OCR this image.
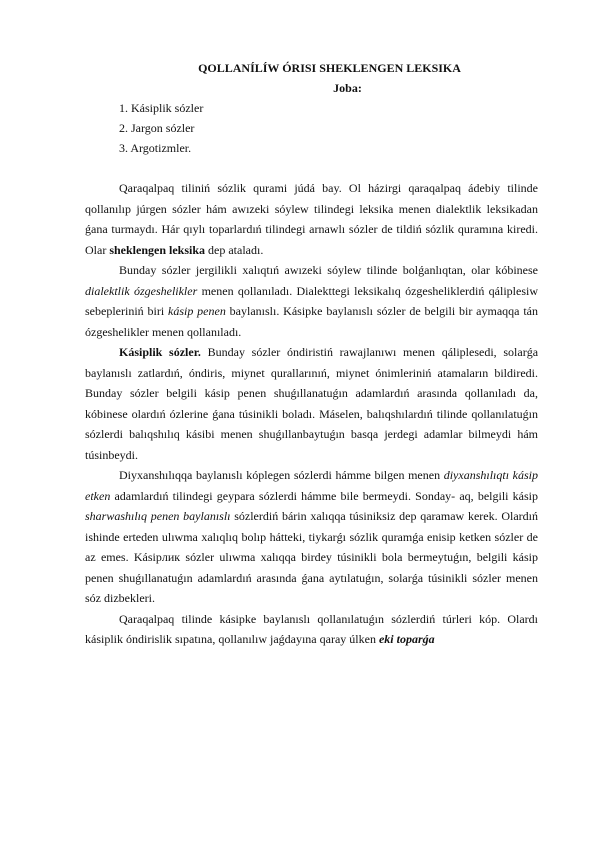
QOLLANÍLÍW ÓRISI SHEKLENGEN LEKSIKA
Joba:
1. Kásiplik sózler
2. Jargon sózler
3. Argotizmler.

Qaraqalpaq tiliniń sózlik qurami júdá bay. Ol házirgi qaraqalpaq ádebiy tilinde qollanılıp júrgen sózler hám awızeki sóylew tilindegi leksika menen dialektlik leksikadan ǵana turmaydı. Hár qıylı toparlardıń tilindegi arnawlı sózler de tildiń sózlik quramına kiredi. Olar sheklengen leksika dep ataladı.

Bunday sózler jergilikli xalıqtıń awızeki sóylew tilinde bolǵanlıqtan, olar kóbinese dialektlik ózgeshelikler menen qollanıladı. Dialekttegi leksikalıq ózgesheliklerdiń qáliplesiw sebepleriniń biri kásip penen baylanıslı. Kásipke baylanıslı sózler de belgili bir aymaqqa tán ózgeshelikler menen qollanıladı.

Kásiplik sózler. Bunday sózler óndiristiń rawajlanıwı menen qáliplesedi, solarǵa baylanıslı zatlardıń, óndiris, miynet qurallarınıń, miynet ónimleriniń atamaların bildiredi. Bunday sózler belgili kásip penen shuǵıllanatuǵın adamlardıń arasında qollanıladı da, kóbinese olardıń ózlerine ǵana túsinikli boladı. Máselen, balıqshılardıń tilinde qollanılatuǵın sózlerdi balıqshılıq kásibi menen shuǵıllanbaytuǵın basqa jerdegi adamlar bilmeydi hám túsinbeydi.

Diyxanshılıqqa baylanıslı kóplegen sózlerdi hámme bilgen menen diyxanshılıqtı kásip etken adamlardıń tilindegi geypara sózlerdi hámme bile bermeydi. Sonday- aq, belgili kásip sharwashılıq penen baylanıslı sózlerdiń bárin xalıqqa túsiniksiz dep qaramaw kerek. Olardıń ishinde erteden ulıwma xalıqlıq bolıp hátteki, tiykarǵı sózlik quramǵa enisip ketken sózler de az emes. Kásipлик sózler ulıwma xalıqqa birdey túsinikli bola bermeytuǵın, belgili kásip penen shuǵıllanatuǵın adamlardıń arasında ǵana aytılatuǵın, solarǵa túsinikli sózler menen sóz dizbekleri.

Qaraqalpaq tilinde kásipke baylanıslı qollanılatuǵın sózlerdiń túrleri kóp. Olardı kásiplik óndirislik sıpatına, qollanılıw jaǵdayına qaray úlken eki toparǵa
